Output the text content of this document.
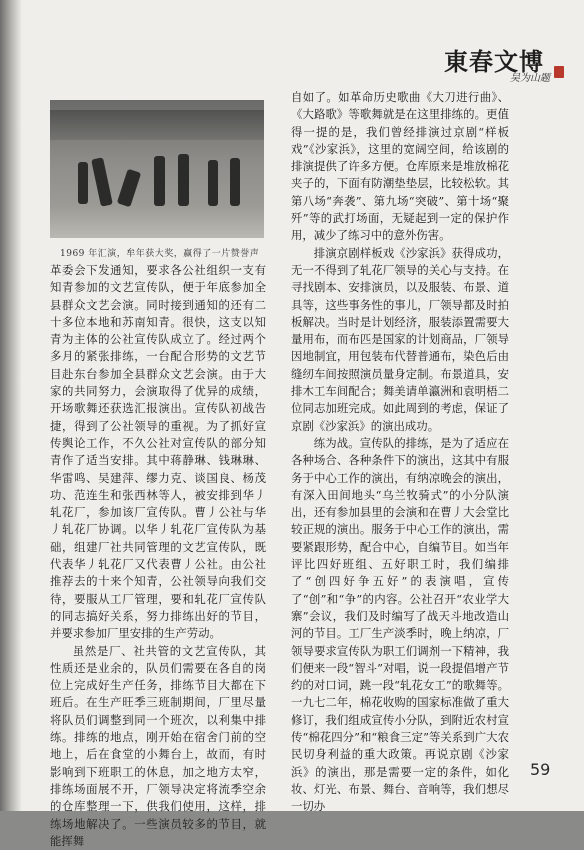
東春文博
吴为山题
1969 年汇演，牟年获大奖，赢得了一片赞誉声

革委会下发通知，要求各公社组织一支有知青参加的文艺宣传队，便于年底参加全县群众文艺会演。同时接到通知的还有二十多位本地和苏南知青。很快，这支以知青为主体的公社宣传队成立了。经过两个多月的紧张排练，一台配合形势的文艺节目赴东台参加全县群众文艺会演。由于大家的共同努力，会演取得了优异的成绩，开场歌舞还获选汇报演出。宣传队初战告捷，得到了公社领导的重视。为了抓好宣传舆论工作，不久公社对宣传队的部分知青作了适当安排。其中蒋静琳、钱琳琳、华雷鸣、吴建萍、缪力克、谈国良、杨茂功、范连生和张西林等人，被安排到华丿轧花厂，参加该厂宣传队。曹丿公社与华丿轧花厂协调。以华丿轧花厂宣传队为基础，组建厂社共同管理的文艺宣传队，既代表华丿轧花厂又代表曹丿公社。由公社推荐去的十来个知青，公社领导向我们交待，要服从工厂管理，要和轧花厂宣传队的同志搞好关系，努力排练出好的节目，并要求参加厂里安排的生产劳动。

虽然是厂、社共管的文艺宣传队，其性质还是业余的，队员们需要在各自的岗位上完成好生产任务，排练节目大都在下班后。在生产旺季三班制期间，厂里尽量将队员们调整到同一个班次，以利集中排练。排练的地点，刚开始在宿舍门前的空地上，后在食堂的小舞台上，故而，有时影响到下班职工的休息，加之地方太窄，排练场面展不开，厂领导决定将流季空余的仓库整理一下，供我们使用，这样，排练场地解决了。一些演员较多的节目，就能挥舞

自如了。如革命历史歌曲《大刀进行曲》、《大路歌》等歌舞就是在这里排练的。更值得一提的是，我们曾经排演过京剧“样板戏”《沙家浜》，这里的宽阔空间，给该剧的排演提供了许多方便。仓库原来是堆放棉花夹子的，下面有防潮垫垫层，比较松软。其第八场“奔袭”、第九场“突破”、第十场“聚歼”等的武打场面，无疑起到一定的保护作用，减少了练习中的意外伤害。

排演京剧样板戏《沙家浜》获得成功，无一不得到了轧花厂领导的关心与支持。在寻找剧本、安排演员，以及服装、布景、道具等，这些事务性的事儿，厂领导都及时拍板解决。当时是计划经济，服装添置需要大量用布，而布匹是国家的计划商品，厂领导因地制宜，用包装布代替普通布，染色后由缝纫车间按照演员量身定制。布景道具，安排木工车间配合；舞美请单瀛洲和袁明梧二位同志加班完成。如此周到的考虑，保证了京剧《沙家浜》的演出成功。

练为战。宣传队的排练，是为了适应在各种场合、各种条件下的演出，这其中有服务于中心工作的演出，有纳凉晚会的演出，有深入田间地头“乌兰牧骑式”的小分队演出，还有参加县里的会演和在曹丿大会堂比较正规的演出。服务于中心工作的演出，需要紧跟形势，配合中心，自编节目。如当年评比四好班组、五好职工时，我们编排了“创四好争五好”的表演唱，宣传了“创”和“争”的内容。公社召开“农业学大寨”会议，我们及时编写了战天斗地改造山河的节目。工厂生产淡季时，晚上纳凉，厂领导要求宣传队为职工们调剂一下精神，我们便来一段“智斗”对唱，说一段提倡增产节约的对口词，跳一段“轧花女工”的歌舞等。一九七二年，棉花收购的国家标准做了重大修订，我们组成宣传小分队，到附近农村宣传“棉花四分”和“粮食三定”等关系到广大农民切身利益的重大政策。再说京剧《沙家浜》的演出，那是需要一定的条件，如化妆、灯光、布景、舞台、音响等，我们想尽一切办

59
